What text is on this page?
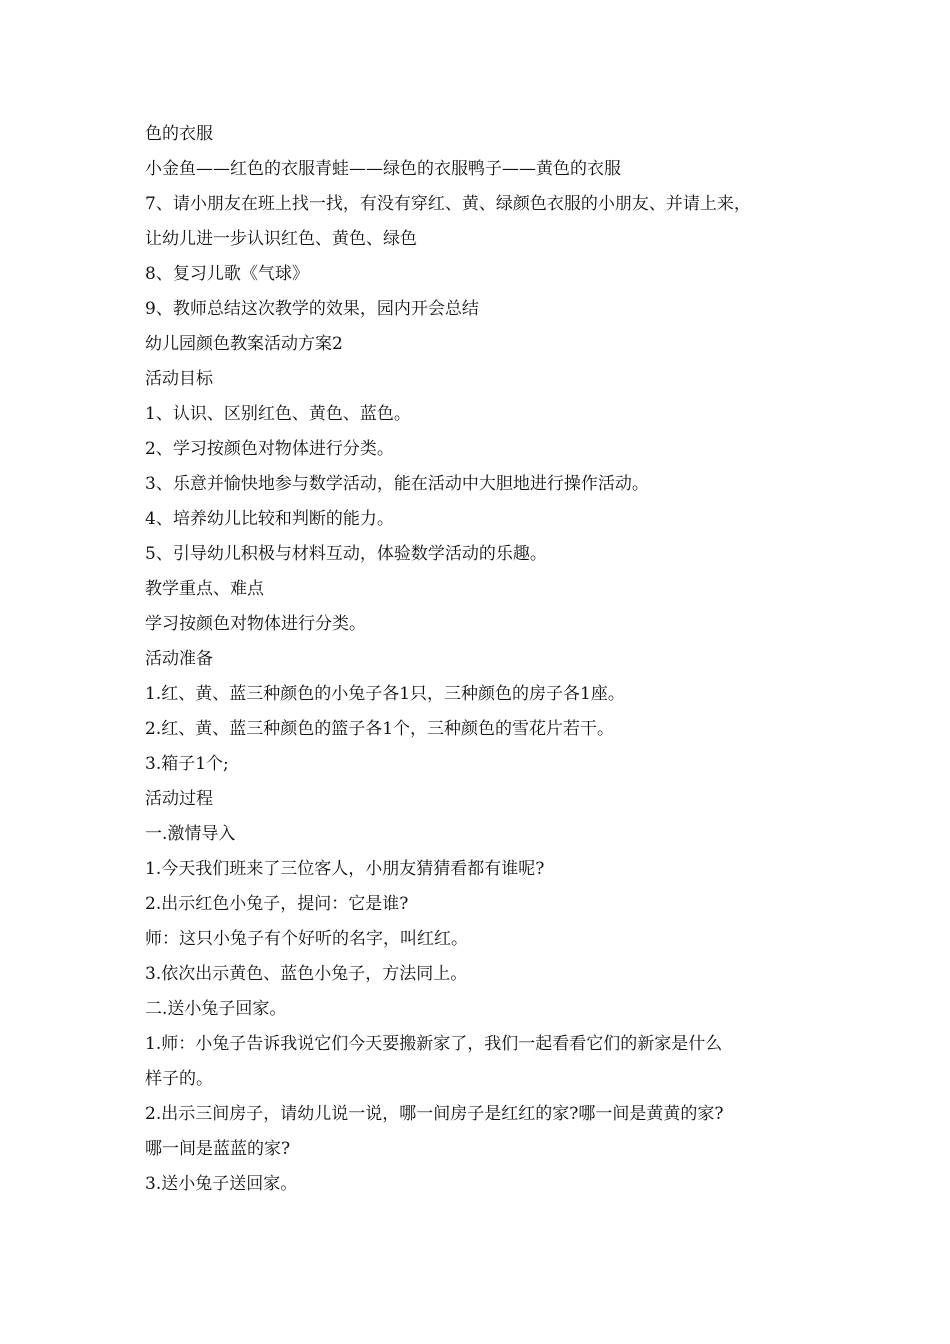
色的衣服

小金鱼——红色的衣服青蛙——绿色的衣服鸭子——黄色的衣服

7、请小朋友在班上找一找，有没有穿红、黄、绿颜色衣服的小朋友、并请上来，

让幼儿进一步认识红色、黄色、绿色

8、复习儿歌《气球》

9、教师总结这次教学的效果，园内开会总结

幼儿园颜色教案活动方案2

活动目标

1、认识、区别红色、黄色、蓝色。

2、学习按颜色对物体进行分类。

3、乐意并愉快地参与数学活动，能在活动中大胆地进行操作活动。

4、培养幼儿比较和判断的能力。

5、引导幼儿积极与材料互动，体验数学活动的乐趣。

教学重点、难点

学习按颜色对物体进行分类。

活动准备

1.红、黄、蓝三种颜色的小兔子各1只，三种颜色的房子各1座。

2.红、黄、蓝三种颜色的篮子各1个，三种颜色的雪花片若干。

3.箱子1个;

活动过程

一.激情导入

1.今天我们班来了三位客人，小朋友猜猜看都有谁呢?

2.出示红色小兔子，提问：它是谁?

师：这只小兔子有个好听的名字，叫红红。

3.依次出示黄色、蓝色小兔子，方法同上。

二.送小兔子回家。

1.师：小兔子告诉我说它们今天要搬新家了，我们一起看看它们的新家是什么

样子的。

2.出示三间房子，请幼儿说一说，哪一间房子是红红的家?哪一间是黄黄的家?

哪一间是蓝蓝的家?

3.送小兔子送回家。
